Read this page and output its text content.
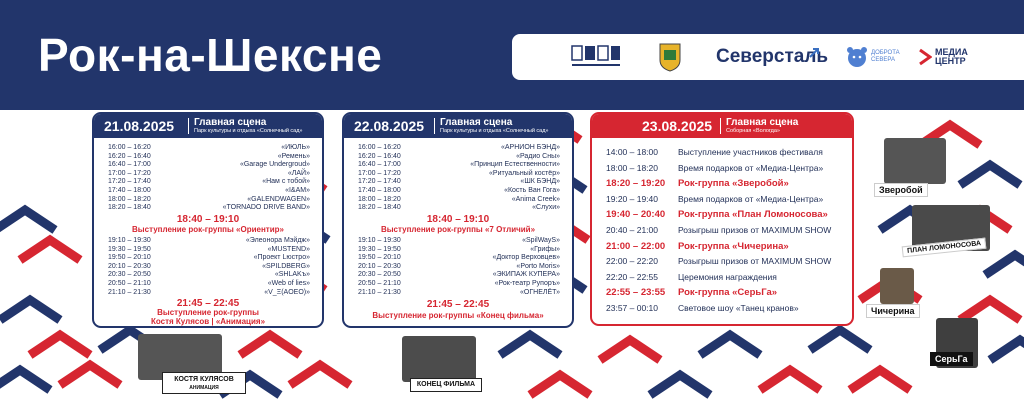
Рок-на-Шексне	Северсталь	ДОБРОТА СЕВЕРА
МЕДИА
ЦЕНТР
21.08.2025 Главная сцена
Парк культуры и отдыха «Солнечный сад»
16:00 – 16:20	«ИЮЛЬ»
16:20 – 16:40	«Ремень»
16:40 – 17:00	«Garage Undergroud»
17:00 – 17:20	«ЛАЙ»
17:20 – 17:40	«Нам с тобой»
17:40 – 18:00	«I&AM»
18:00 – 18:20	«GALENDWAGEN»
18:20 – 18:40	«TORNADO DRIVE BAND»
18:40 – 19:10
Выступление рок-группы «Ориентир»
19:10 – 19:30	«Элеонора Мэйдж»
19:30 – 19:50	«MUSTEND»
19:50 – 20:10	«Проект Lюстро»
20:10 – 20:30	«SPILDBERG»
20:30 – 20:50	«SHLAKъ»
20:50 – 21:10	«Web of lies»
21:10 – 21:30	«V_Ξ(AOEO)»
21:45 – 22:45
Выступление рок-группы
Костя Кулясов | «Анимация»
22.08.2025 Главная сцена
Парк культуры и отдыха «Солнечный сад»
16:00 – 16:20	«АРНИОН БЭНД»
16:20 – 16:40	«Радио Сны»
16:40 – 17:00	«Принцип Естественности»
17:00 – 17:20	«Ритуальный костёр»
17:20 – 17:40	«ШК БЭНД»
17:40 – 18:00	«Кость Ван Гога»
18:00 – 18:20	«Anima Creek»
18:20 – 18:40	«Слухи»
18:40 – 19:10
Выступление рок-группы «7 Отличий»
19:10 – 19:30	«SpilWayS»
19:30 – 19:50	«Грифы»
19:50 – 20:10	«Доктор Верховцев»
20:10 – 20:30	«Porto Moris»
20:30 – 20:50	«ЭКИПАЖ КУПЕРА»
20:50 – 21:10	«Рок-театр Рупоръ»
21:10 – 21:30	«ОГНЕЛЁТ»
21:45 – 22:45
Выступление рок-группы «Конец фильма»
23.08.2025 Главная сцена
Соборная «Вологда»
14:00 – 18:00 Выступление участников фестиваля
18:00 – 18:20 Время подарков от «Медиа-Центра»
18:20 – 19:20 Рок-группа «Зверобой»
19:20 – 19:40 Время подарков от «Медиа-Центра»
19:40 – 20:40 Рок-группа «План Ломоносова»
20:40 – 21:00 Розыгрыш призов от MAXIMUM SHOW
21:00 – 22:00 Рок-группа «Чичерина»
22:00 – 22:20 Розыгрыш призов от MAXIMUM SHOW
22:20 – 22:55 Церемония награждения
22:55 – 23:55 Рок-группа «СерьГа»
23:57 – 00:10 Световое шоу «Танец кранов»
Зверобой
ПЛАН ЛОМОНОСОВА
Чичерина
СерьГа
КОСТЯ КУЛЯСОВ
АНИМАЦИЯ	КОНЕЦ ФИЛЬМА
